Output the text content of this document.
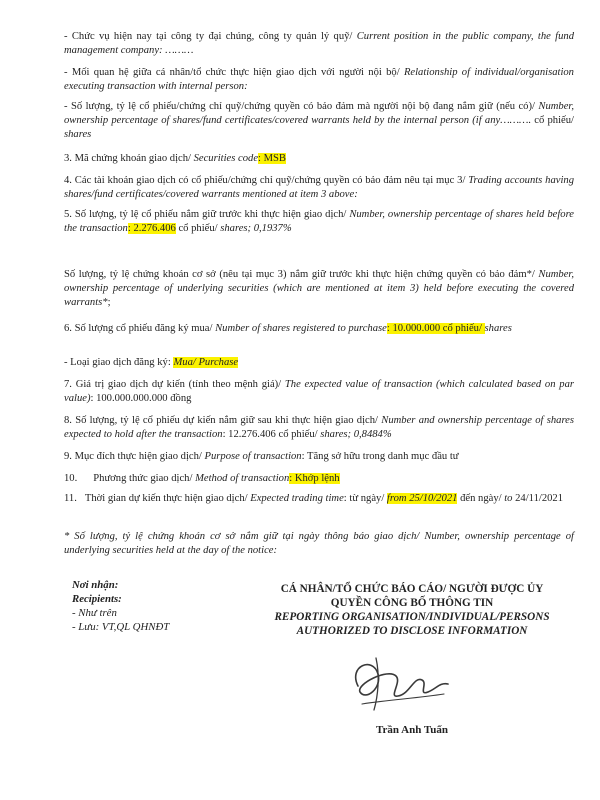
- Chức vụ hiện nay tại công ty đại chúng, công ty quản lý quỹ/ Current position in the public company, the fund management company: ………
- Mối quan hệ giữa cá nhân/tổ chức thực hiện giao dịch với người nội bộ/ Relationship of individual/organisation executing transaction with internal person:
- Số lượng, tỷ lệ cổ phiếu/chứng chỉ quỹ/chứng quyền có bảo đảm mà người nội bộ đang nắm giữ (nếu có)/ Number, ownership percentage of shares/fund certificates/covered warrants held by the internal person (if any………. cổ phiếu/ shares
3. Mã chứng khoán giao dịch/ Securities code: MSB
4. Các tài khoản giao dịch có cổ phiếu/chứng chỉ quỹ/chứng quyền có bảo đảm nêu tại mục 3/ Trading accounts having shares/fund certificates/covered warrants mentioned at item 3 above:
5. Số lượng, tỷ lệ cổ phiếu nắm giữ trước khi thực hiện giao dịch/ Number, ownership percentage of shares held before the transaction: 2.276.406 cổ phiếu/ shares; 0,1937%
Số lượng, tỷ lệ chứng khoán cơ sở (nêu tại mục 3) nắm giữ trước khi thực hiện chứng quyền có bảo đảm*/ Number, ownership percentage of underlying securities (which are mentioned at item 3) held before executing the covered warrants*;
6. Số lượng cổ phiếu đăng ký mua/ Number of shares registered to purchase: 10.000.000 cổ phiếu/ shares
- Loại giao dịch đăng ký: Mua/ Purchase
7. Giá trị giao dịch dự kiến (tính theo mệnh giá)/ The expected value of transaction (which calculated based on par value): 100.000.000.000 đồng
8. Số lượng, tỷ lệ cổ phiếu dự kiến nắm giữ sau khi thực hiện giao dịch/ Number and ownership percentage of shares expected to hold after the transaction: 12.276.406 cổ phiếu/ shares; 0,8484%
9. Mục đích thực hiện giao dịch/ Purpose of transaction: Tăng sở hữu trong danh mục đầu tư
10. Phương thức giao dịch/ Method of transaction: Khớp lệnh
11. Thời gian dự kiến thực hiện giao dịch/ Expected trading time: từ ngày/ from 25/10/2021 đến ngày/ to 24/11/2021
* Số lượng, tỷ lệ chứng khoán cơ sở nắm giữ tại ngày thông báo giao dịch/ Number, ownership percentage of underlying securities held at the day of the notice:
Nơi nhận:
Recipients:
- Như trên
- Lưu: VT,QL QHNĐT
CÁ NHÂN/TỔ CHỨC BÁO CÁO/ NGƯỜI ĐƯỢC ỦY
QUYỀN CÔNG BỐ THÔNG TIN
REPORTING ORGANISATION/INDIVIDUAL/PERSONS
AUTHORIZED TO DISCLOSE INFORMATION
Trần Anh Tuấn
